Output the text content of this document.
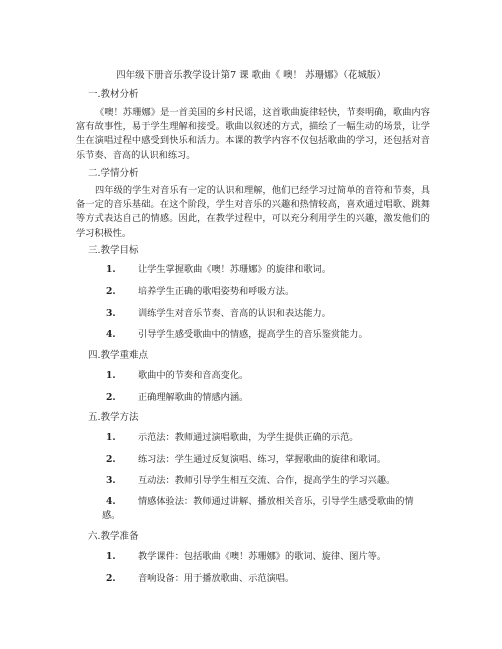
四年级下册音乐教学设计第7 课 歌曲《 噢！ 苏珊娜》（花城版）
一.教材分析
《噢！苏珊娜》是一首美国的乡村民谣，这首歌曲旋律轻快，节奏明确，歌曲内容富有故事性，易于学生理解和接受。歌曲以叙述的方式，描绘了一幅生动的场景，让学生在演唱过程中感受到快乐和活力。本课的教学内容不仅包括歌曲的学习，还包括对音乐节奏、音高的认识和练习。
二.学情分析
四年级的学生对音乐有一定的认识和理解，他们已经学习过简单的音符和节奏，具备一定的音乐基础。在这个阶段，学生对音乐的兴趣和热情较高，喜欢通过唱歌、跳舞等方式表达自己的情感。因此，在教学过程中，可以充分利用学生的兴趣，激发他们的学习积极性。
三.教学目标
1. 让学生掌握歌曲《噢！苏珊娜》的旋律和歌词。
2. 培养学生正确的歌唱姿势和呼吸方法。
3. 训练学生对音乐节奏、音高的认识和表达能力。
4. 引导学生感受歌曲中的情感，提高学生的音乐鉴赏能力。
四.教学重难点
1. 歌曲中的节奏和音高变化。
2. 正确理解歌曲的情感内涵。
五.教学方法
1. 示范法：教师通过演唱歌曲，为学生提供正确的示范。
2. 练习法：学生通过反复演唱、练习，掌握歌曲的旋律和歌词。
3. 互动法：教师引导学生相互交流、合作，提高学生的学习兴趣。
4. 情感体验法：教师通过讲解、播放相关音乐，引导学生感受歌曲的情
感。
六.教学准备
1. 教学课件：包括歌曲《噢！苏珊娜》的歌词、旋律、图片等。
2. 音响设备：用于播放歌曲、示范演唱。
